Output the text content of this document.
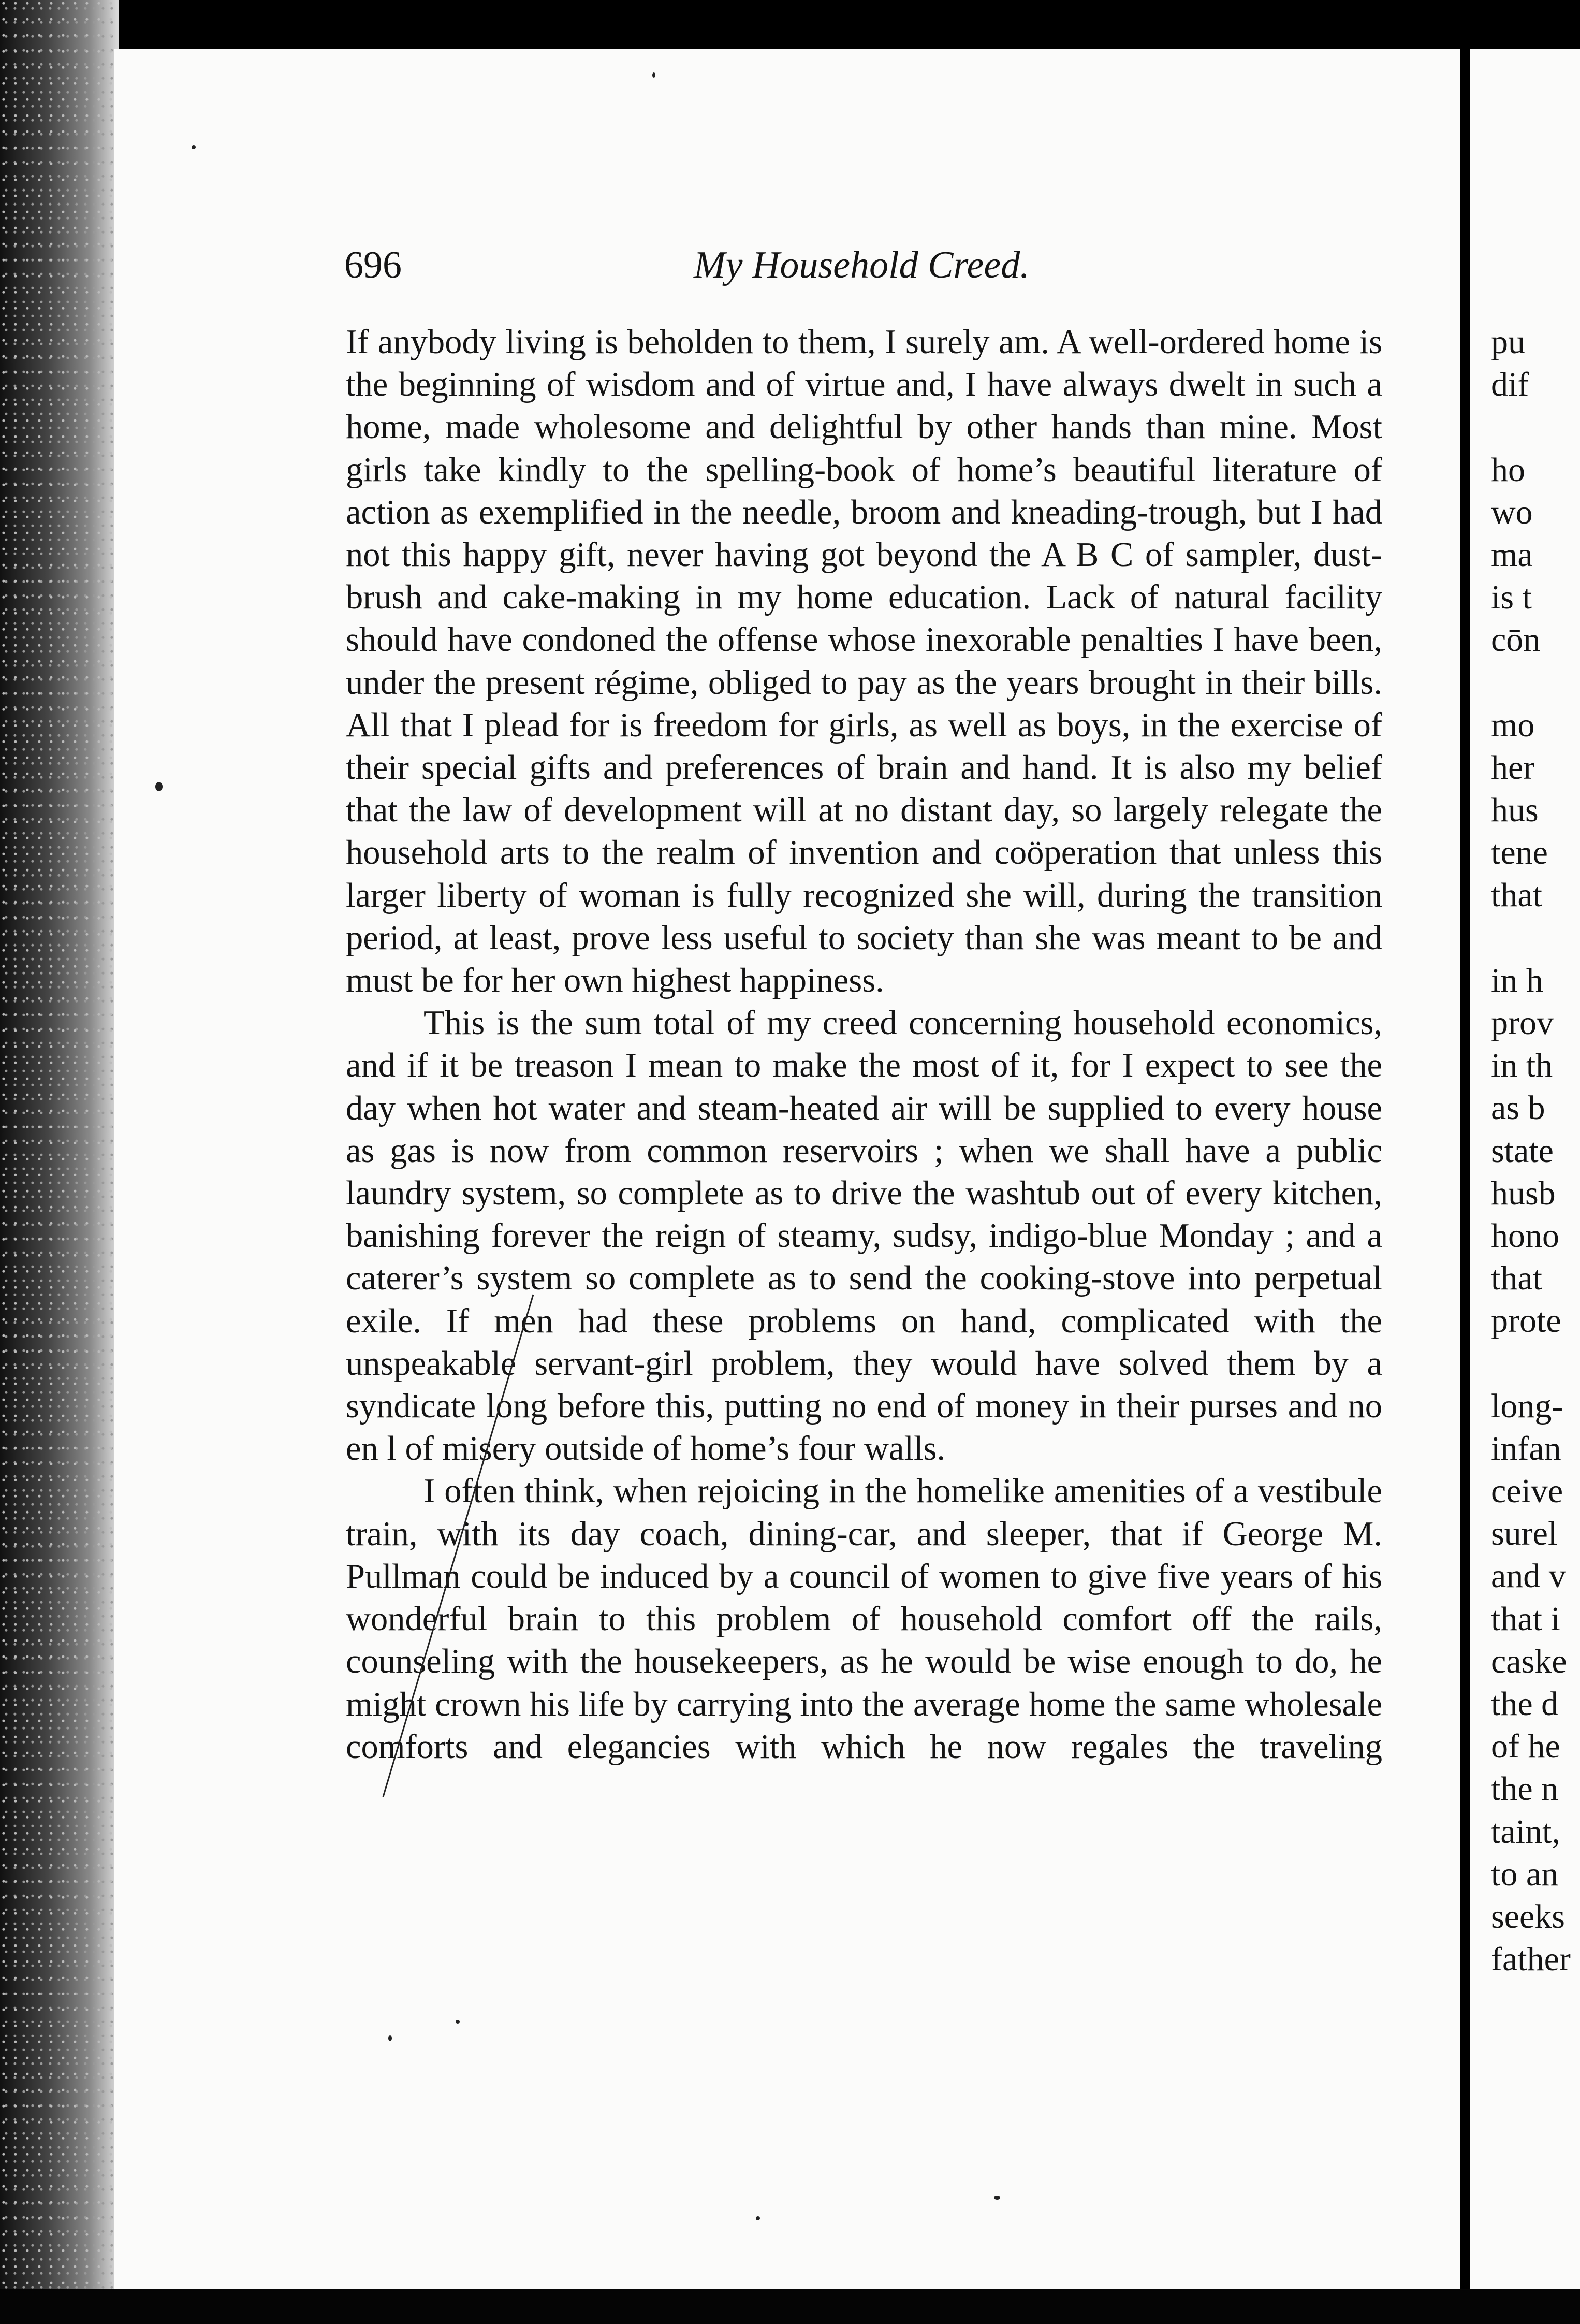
pu
dif
ho
wo
ma
is t
cōn
mo
her
hus
tene
that
in h
prov
in th
as b
state
husb
hono
that
prote
long-
infan
ceive
surel
and v
that i
caske
the d
of he
the n
taint,
to an
seeks
father
696	My Household Creed.

If anybody living is beholden to them, I surely am. A well-ordered home is the beginning of wisdom and of virtue and, I have always dwelt in such a home, made wholesome and delightful by other hands than mine. Most girls take kindly to the spelling-book of home’s beautiful literature of action as exemplified in the needle, broom and kneading-trough, but I had not this happy gift, never having got beyond the A B C of sampler, dust-brush and cake-making in my home education. Lack of natural facility should have condoned the offense whose inexorable penalties I have been, under the present régime, obliged to pay as the years brought in their bills. All that I plead for is freedom for girls, as well as boys, in the exercise of their special gifts and preferences of brain and hand. It is also my belief that the law of development will at no distant day, so largely relegate the household arts to the realm of invention and coöperation that unless this larger liberty of woman is fully recognized she will, during the transition period, at least, prove less useful to society than she was meant to be and must be for her own highest happiness.

This is the sum total of my creed concerning household economics, and if it be treason I mean to make the most of it, for I expect to see the day when hot water and steam-heated air will be supplied to every house as gas is now from common reservoirs ; when we shall have a public laundry system, so complete as to drive the washtub out of every kitchen, banishing forever the reign of steamy, sudsy, indigo-blue Monday ; and a caterer’s system so complete as to send the cooking-stove into perpetual exile. If men had these problems on hand, complicated with the unspeakable servant-girl problem, they would have solved them by a syndicate long before this, putting no end of money in their purses and no en l of misery outside of home’s four walls.

I often think, when rejoicing in the homelike amenities of a vestibule train, with its day coach, dining-car, and sleeper, that if George M. Pullman could be induced by a council of women to give five years of his wonderful brain to this problem of household comfort off the rails, counseling with the housekeepers, as he would be wise enough to do, he might crown his life by carrying into the average home the same wholesale comforts and elegancies with which he now regales the traveling
